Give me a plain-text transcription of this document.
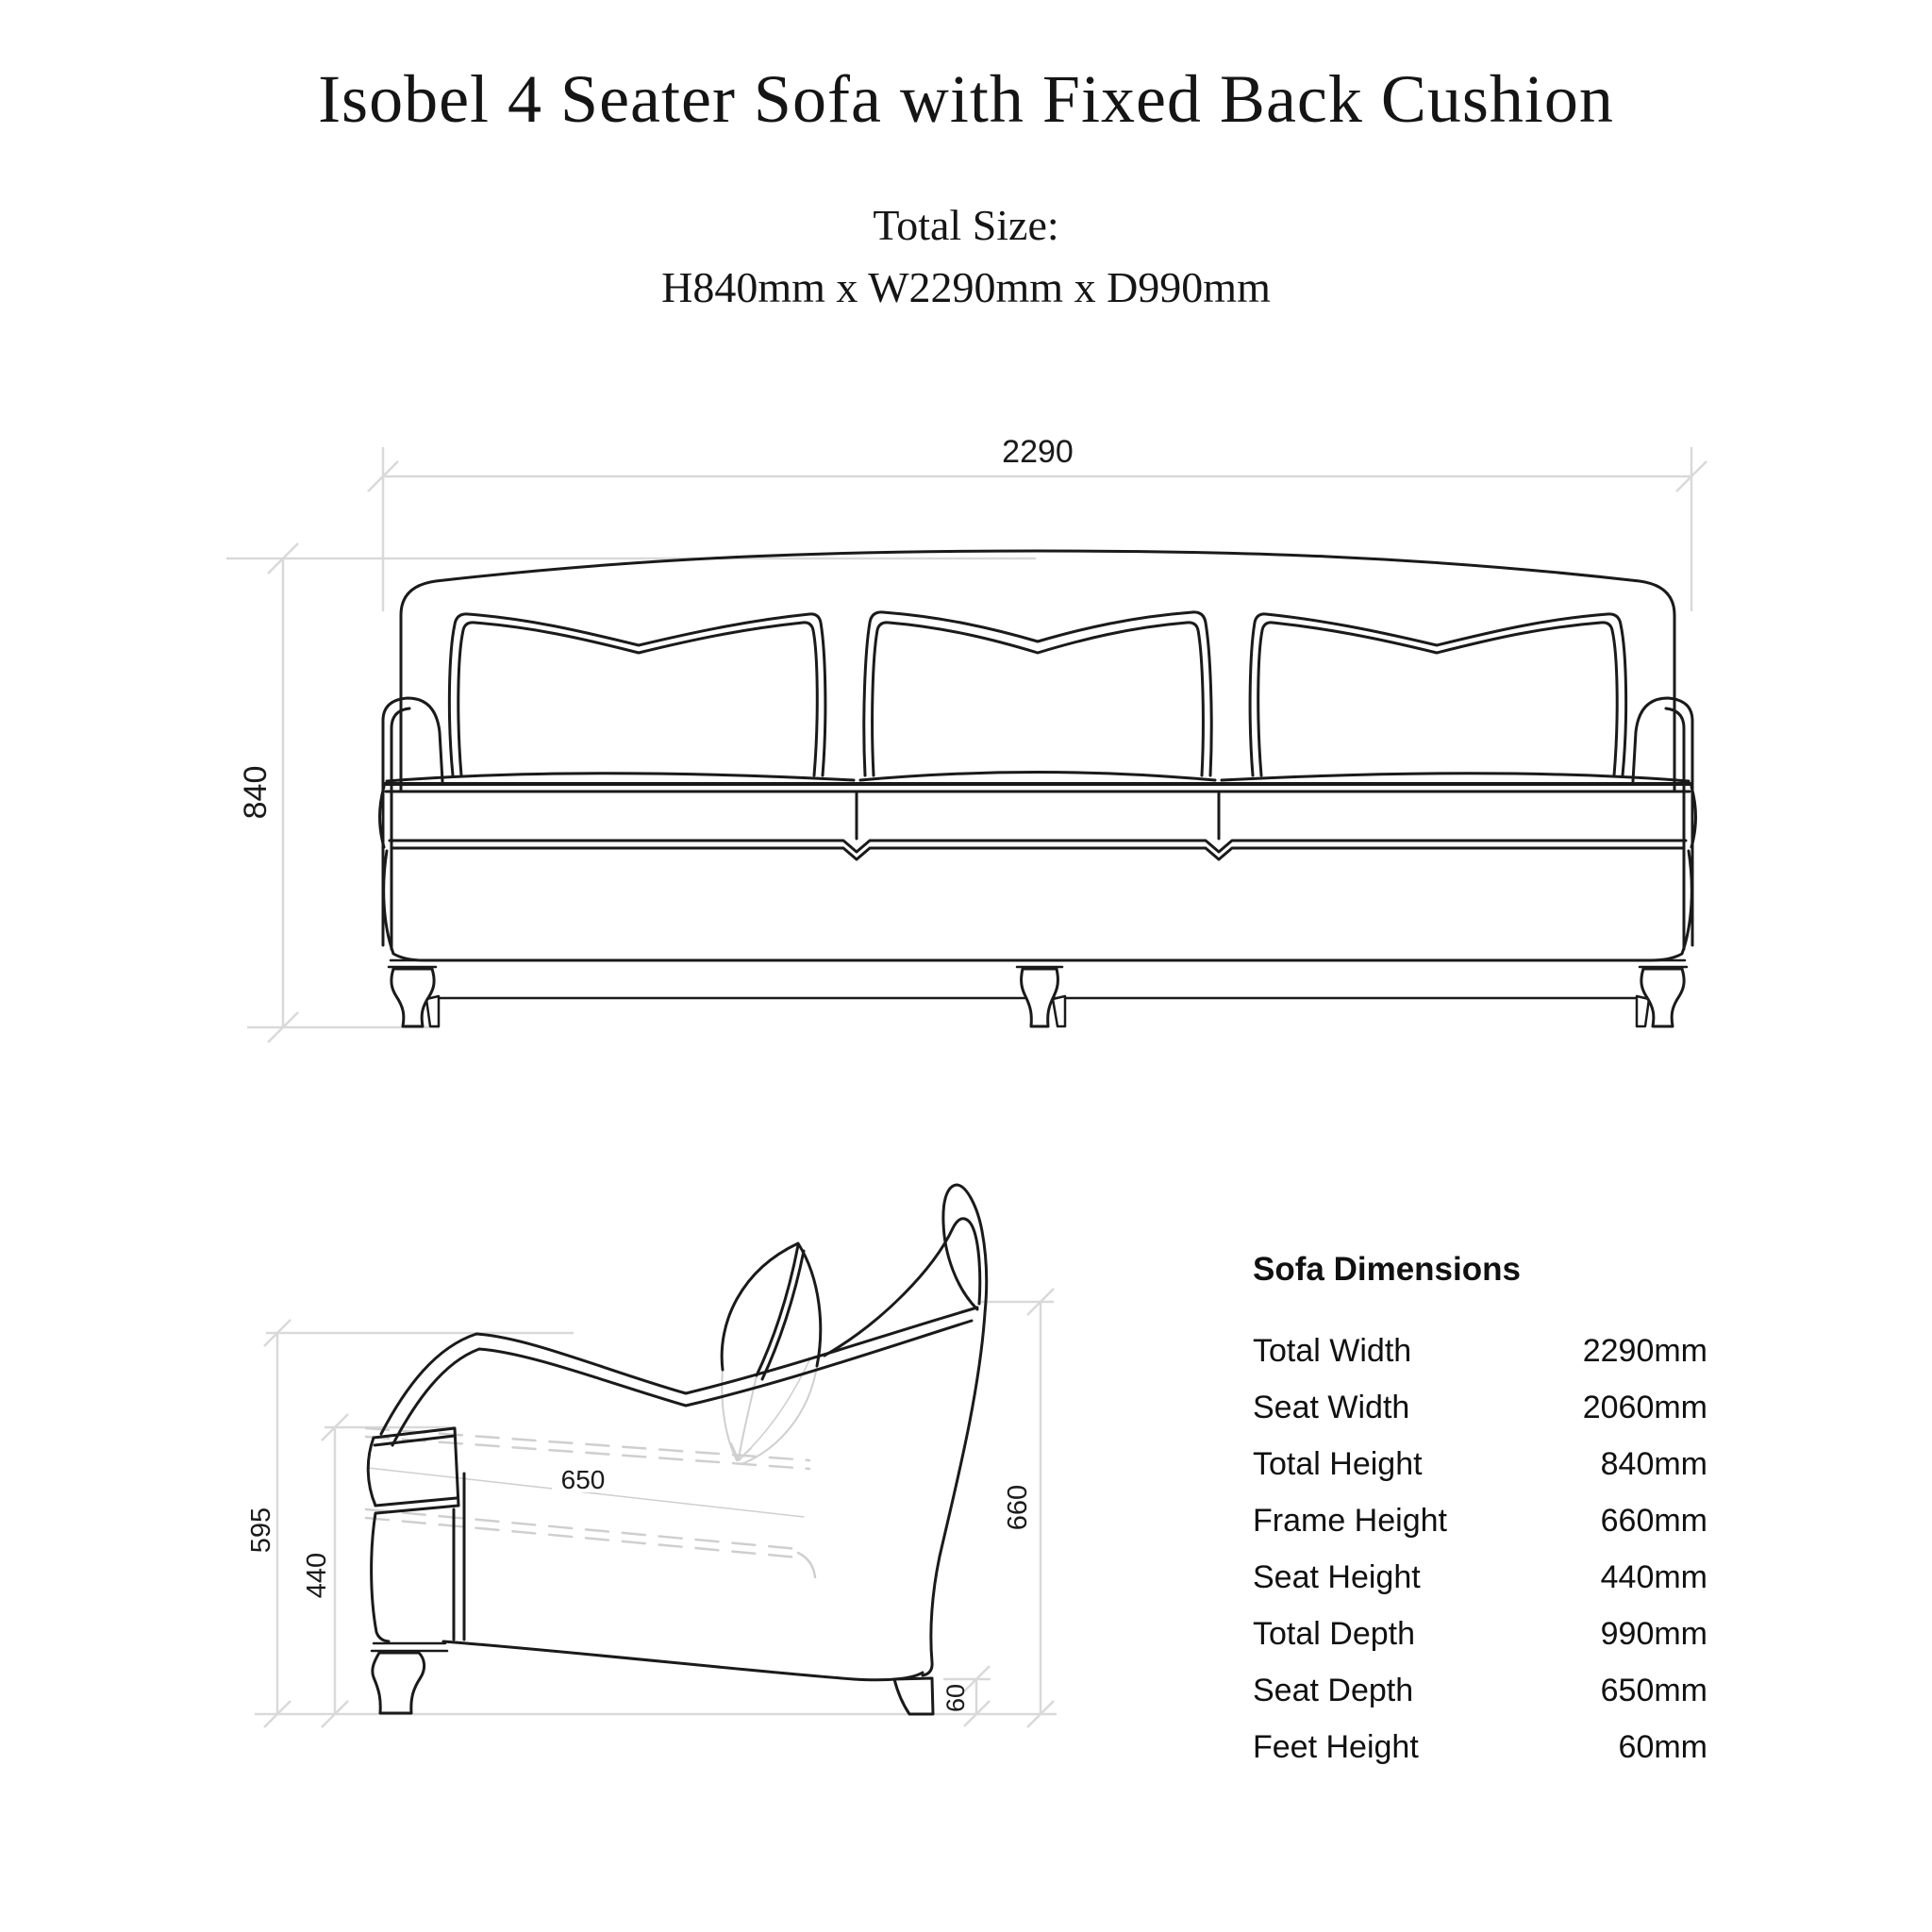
Isobel 4 Seater Sofa with Fixed Back Cushion
Total Size:
H840mm x W2290mm x D990mm
2290
840
595
440
650
660
60
Sofa Dimensions
Total Width	2290mm
Seat Width	2060mm
Total Height	840mm
Frame Height	660mm
Seat Height	440mm
Total Depth	990mm
Seat Depth	650mm
Feet Height	60mm
